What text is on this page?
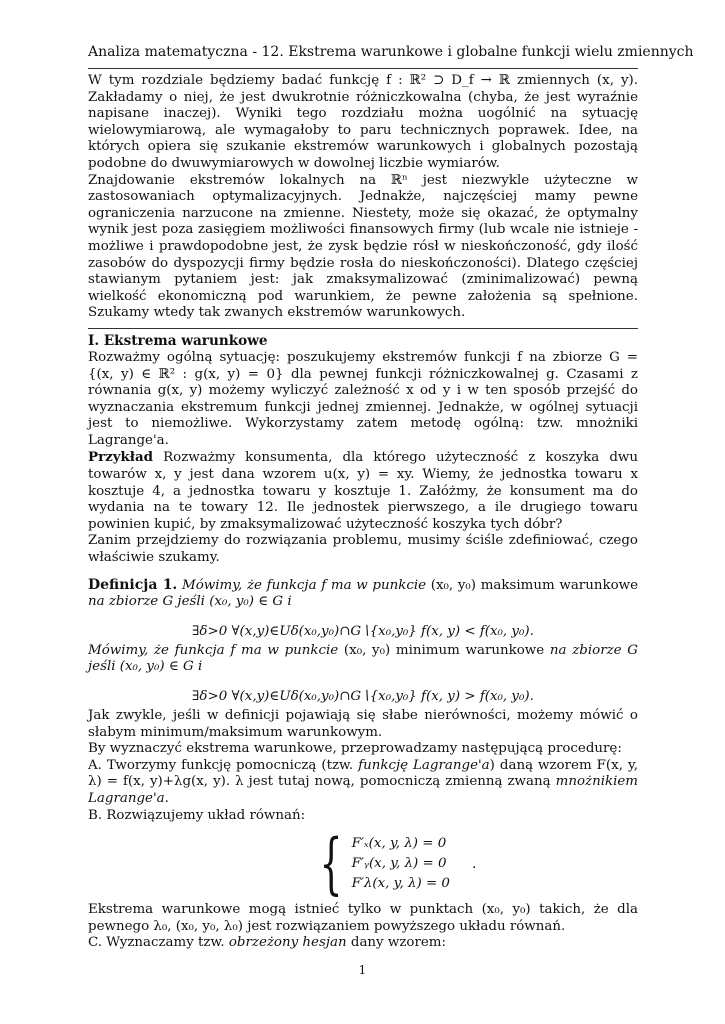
Analiza matematyczna - 12. Ekstrema warunkowe i globalne funkcji wielu zmiennych

W tym rozdziale będziemy badać funkcję f : ℝ² ⊃ D_f → ℝ zmiennych (x, y). Zakładamy o niej, że jest dwukrotnie różniczkowalna (chyba, że jest wyraźnie napisane inaczej). Wyniki tego rozdziału można uogólnić na sytuację wielowymiarową, ale wymagałoby to paru technicznych poprawek. Idee, na których opiera się szukanie ekstremów warunkowych i globalnych pozostają podobne do dwuwymiarowych w dowolnej liczbie wymiarów.

Znajdowanie ekstremów lokalnych na ℝⁿ jest niezwykle użyteczne w zastosowaniach optymalizacyjnych. Jednakże, najczęściej mamy pewne ograniczenia narzucone na zmienne. Niestety, może się okazać, że optymalny wynik jest poza zasięgiem możliwości finansowych firmy (lub wcale nie istnieje - możliwe i prawdopodobne jest, że zysk będzie rósł w nieskończoność, gdy ilość zasobów do dyspozycji firmy będzie rosła do nieskończoności). Dlatego częściej stawianym pytaniem jest: jak zmaksymalizować (zminimalizować) pewną wielkość ekonomiczną pod warunkiem, że pewne założenia są spełnione. Szukamy wtedy tak zwanych ekstremów warunkowych.

I. Ekstrema warunkowe

Rozważmy ogólną sytuację: poszukujemy ekstremów funkcji f na zbiorze G = {(x, y) ∈ ℝ² : g(x, y) = 0} dla pewnej funkcji różniczkowalnej g. Czasami z równania g(x, y) możemy wyliczyć zależność x od y i w ten sposób przejść do wyznaczania ekstremum funkcji jednej zmiennej. Jednakże, w ogólnej sytuacji jest to niemożliwe. Wykorzystamy zatem metodę ogólną: tzw. mnożniki Lagrange'a.

Przykład Rozważmy konsumenta, dla którego użyteczność z koszyka dwu towarów x, y jest dana wzorem u(x, y) = xy. Wiemy, że jednostka towaru x kosztuje 4, a jednostka towaru y kosztuje 1. Załóżmy, że konsument ma do wydania na te towary 12. Ile jednostek pierwszego, a ile drugiego towaru powinien kupić, by zmaksymalizować użyteczność koszyka tych dóbr?

Zanim przejdziemy do rozwiązania problemu, musimy ściśle zdefiniować, czego właściwie szukamy.

Definicja 1. Mówimy, że funkcja f ma w punkcie (x₀, y₀) maksimum warunkowe na zbiorze G jeśli (x₀, y₀) ∈ G i

∃δ>0 ∀(x,y)∈Uδ(x₀,y₀)∩G∖{x₀,y₀} f(x, y) < f(x₀, y₀).

Mówimy, że funkcja f ma w punkcie (x₀, y₀) minimum warunkowe na zbiorze G jeśli (x₀, y₀) ∈ G i

∃δ>0 ∀(x,y)∈Uδ(x₀,y₀)∩G∖{x₀,y₀} f(x, y) > f(x₀, y₀).

Jak zwykle, jeśli w definicji pojawiają się słabe nierówności, możemy mówić o słabym minimum/maksimum warunkowym.

By wyznaczyć ekstrema warunkowe, przeprowadzamy następującą procedurę:

A. Tworzymy funkcję pomocniczą (tzw. funkcję Lagrange'a) daną wzorem F(x, y, λ) = f(x, y)+λg(x, y). λ jest tutaj nową, pomocniczą zmienną zwaną mnożnikiem Lagrange'a.

B. Rozwiązujemy układ równań:

{ F′ₓ(x, y, λ) = 0
F′ᵧ(x, y, λ) = 0
F′λ(x, y, λ) = 0
.

Ekstrema warunkowe mogą istnieć tylko w punktach (x₀, y₀) takich, że dla pewnego λ₀, (x₀, y₀, λ₀) jest rozwiązaniem powyższego układu równań.

C. Wyznaczamy tzw. obrzeżony hesjan dany wzorem:

1
